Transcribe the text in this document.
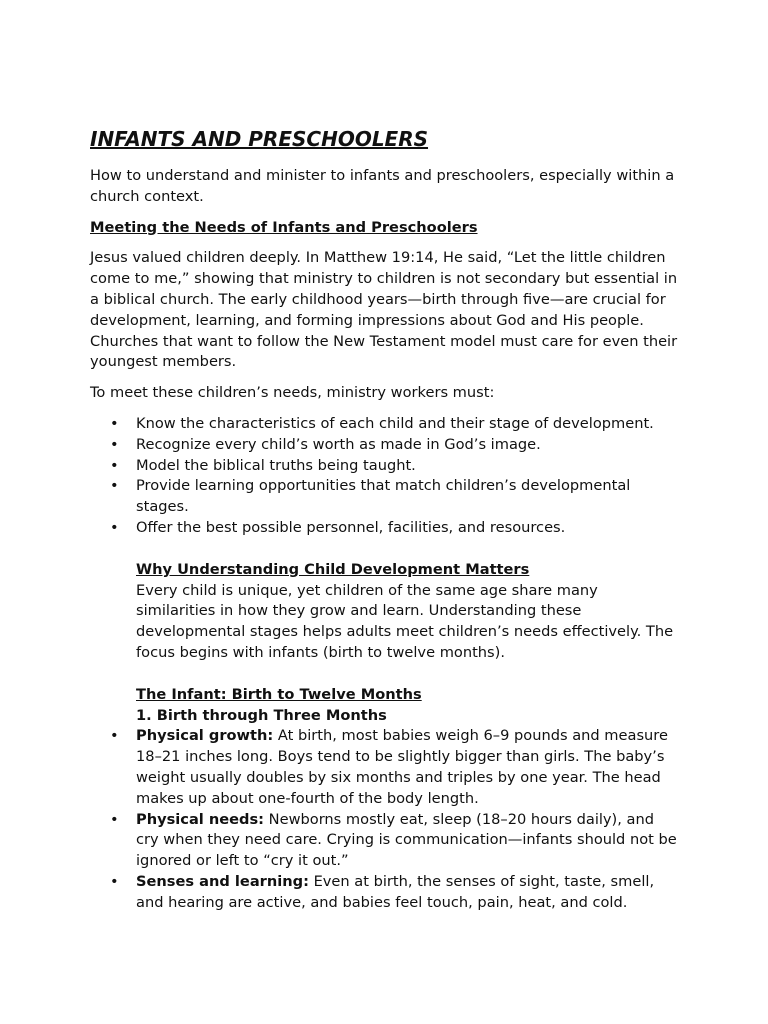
INFANTS AND PRESCHOOLERS

How to understand and minister to infants and preschoolers, especially within a church context.

Meeting the Needs of Infants and Preschoolers

Jesus valued children deeply. In Matthew 19:14, He said, “Let the little children come to me,” showing that ministry to children is not secondary but essential in a biblical church. The early childhood years—birth through five—are crucial for development, learning, and forming impressions about God and His people. Churches that want to follow the New Testament model must care for even their youngest members.

To meet these children’s needs, ministry workers must:

• Know the characteristics of each child and their stage of development.
• Recognize every child’s worth as made in God’s image.
• Model the biblical truths being taught.
• Provide learning opportunities that match children’s developmental stages.
• Offer the best possible personnel, facilities, and resources.
Why Understanding Child Development Matters

Every child is unique, yet children of the same age share many similarities in how they grow and learn. Understanding these developmental stages helps adults meet children’s needs effectively. The focus begins with infants (birth to twelve months).

The Infant: Birth to Twelve Months
1. Birth through Three Months
• Physical growth: At birth, most babies weigh 6–9 pounds and measure 18–21 inches long. Boys tend to be slightly bigger than girls. The baby’s weight usually doubles by six months and triples by one year. The head makes up about one-fourth of the body length.
• Physical needs: Newborns mostly eat, sleep (18–20 hours daily), and cry when they need care. Crying is communication—infants should not be ignored or left to “cry it out.”
• Senses and learning: Even at birth, the senses of sight, taste, smell, and hearing are active, and babies feel touch, pain, heat, and cold.
